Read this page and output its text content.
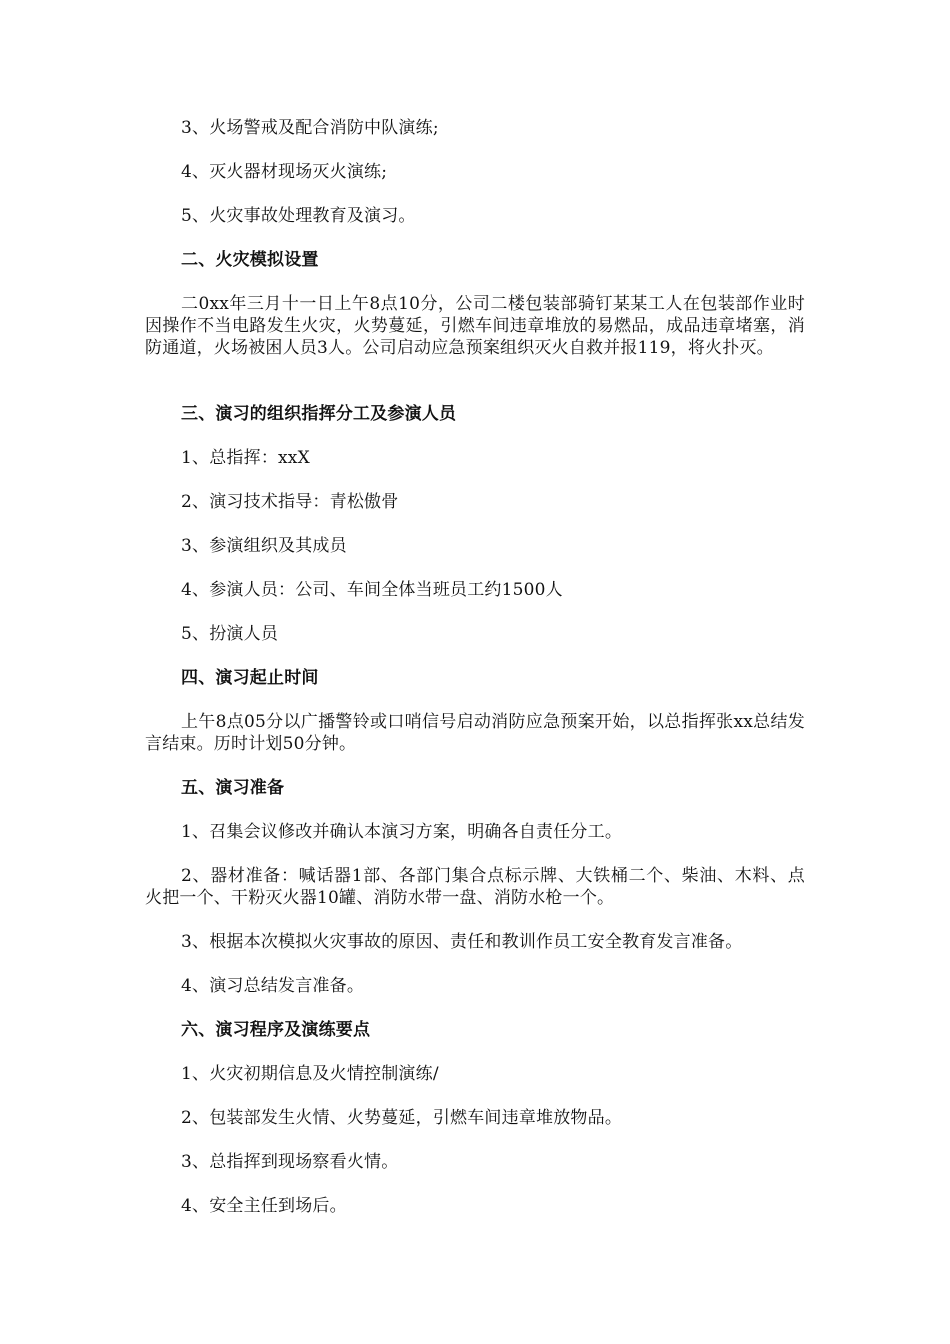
3、火场警戒及配合消防中队演练;
4、灭火器材现场灭火演练;
5、火灾事故处理教育及演习。
二、火灾模拟设置
二0xx年三月十一日上午8点10分，公司二楼包装部骑钉某某工人在包装部作业时因操作不当电路发生火灾，火势蔓延，引燃车间违章堆放的易燃品，成品违章堵塞，消防通道，火场被困人员3人。公司启动应急预案组织灭火自救并报119，将火扑灭。
三、演习的组织指挥分工及参演人员
1、总指挥：xxX
2、演习技术指导：青松傲骨
3、参演组织及其成员
4、参演人员：公司、车间全体当班员工约1500人
5、扮演人员
四、演习起止时间
上午8点05分以广播警铃或口哨信号启动消防应急预案开始，以总指挥张xx总结发言结束。历时计划50分钟。
五、演习准备
1、召集会议修改并确认本演习方案，明确各自责任分工。
2、器材准备：喊话器1部、各部门集合点标示牌、大铁桶二个、柴油、木料、点火把一个、干粉灭火器10罐、消防水带一盘、消防水枪一个。
3、根据本次模拟火灾事故的原因、责任和教训作员工安全教育发言准备。
4、演习总结发言准备。
六、演习程序及演练要点
1、火灾初期信息及火情控制演练/
2、包装部发生火情、火势蔓延，引燃车间违章堆放物品。
3、总指挥到现场察看火情。
4、安全主任到场后。
